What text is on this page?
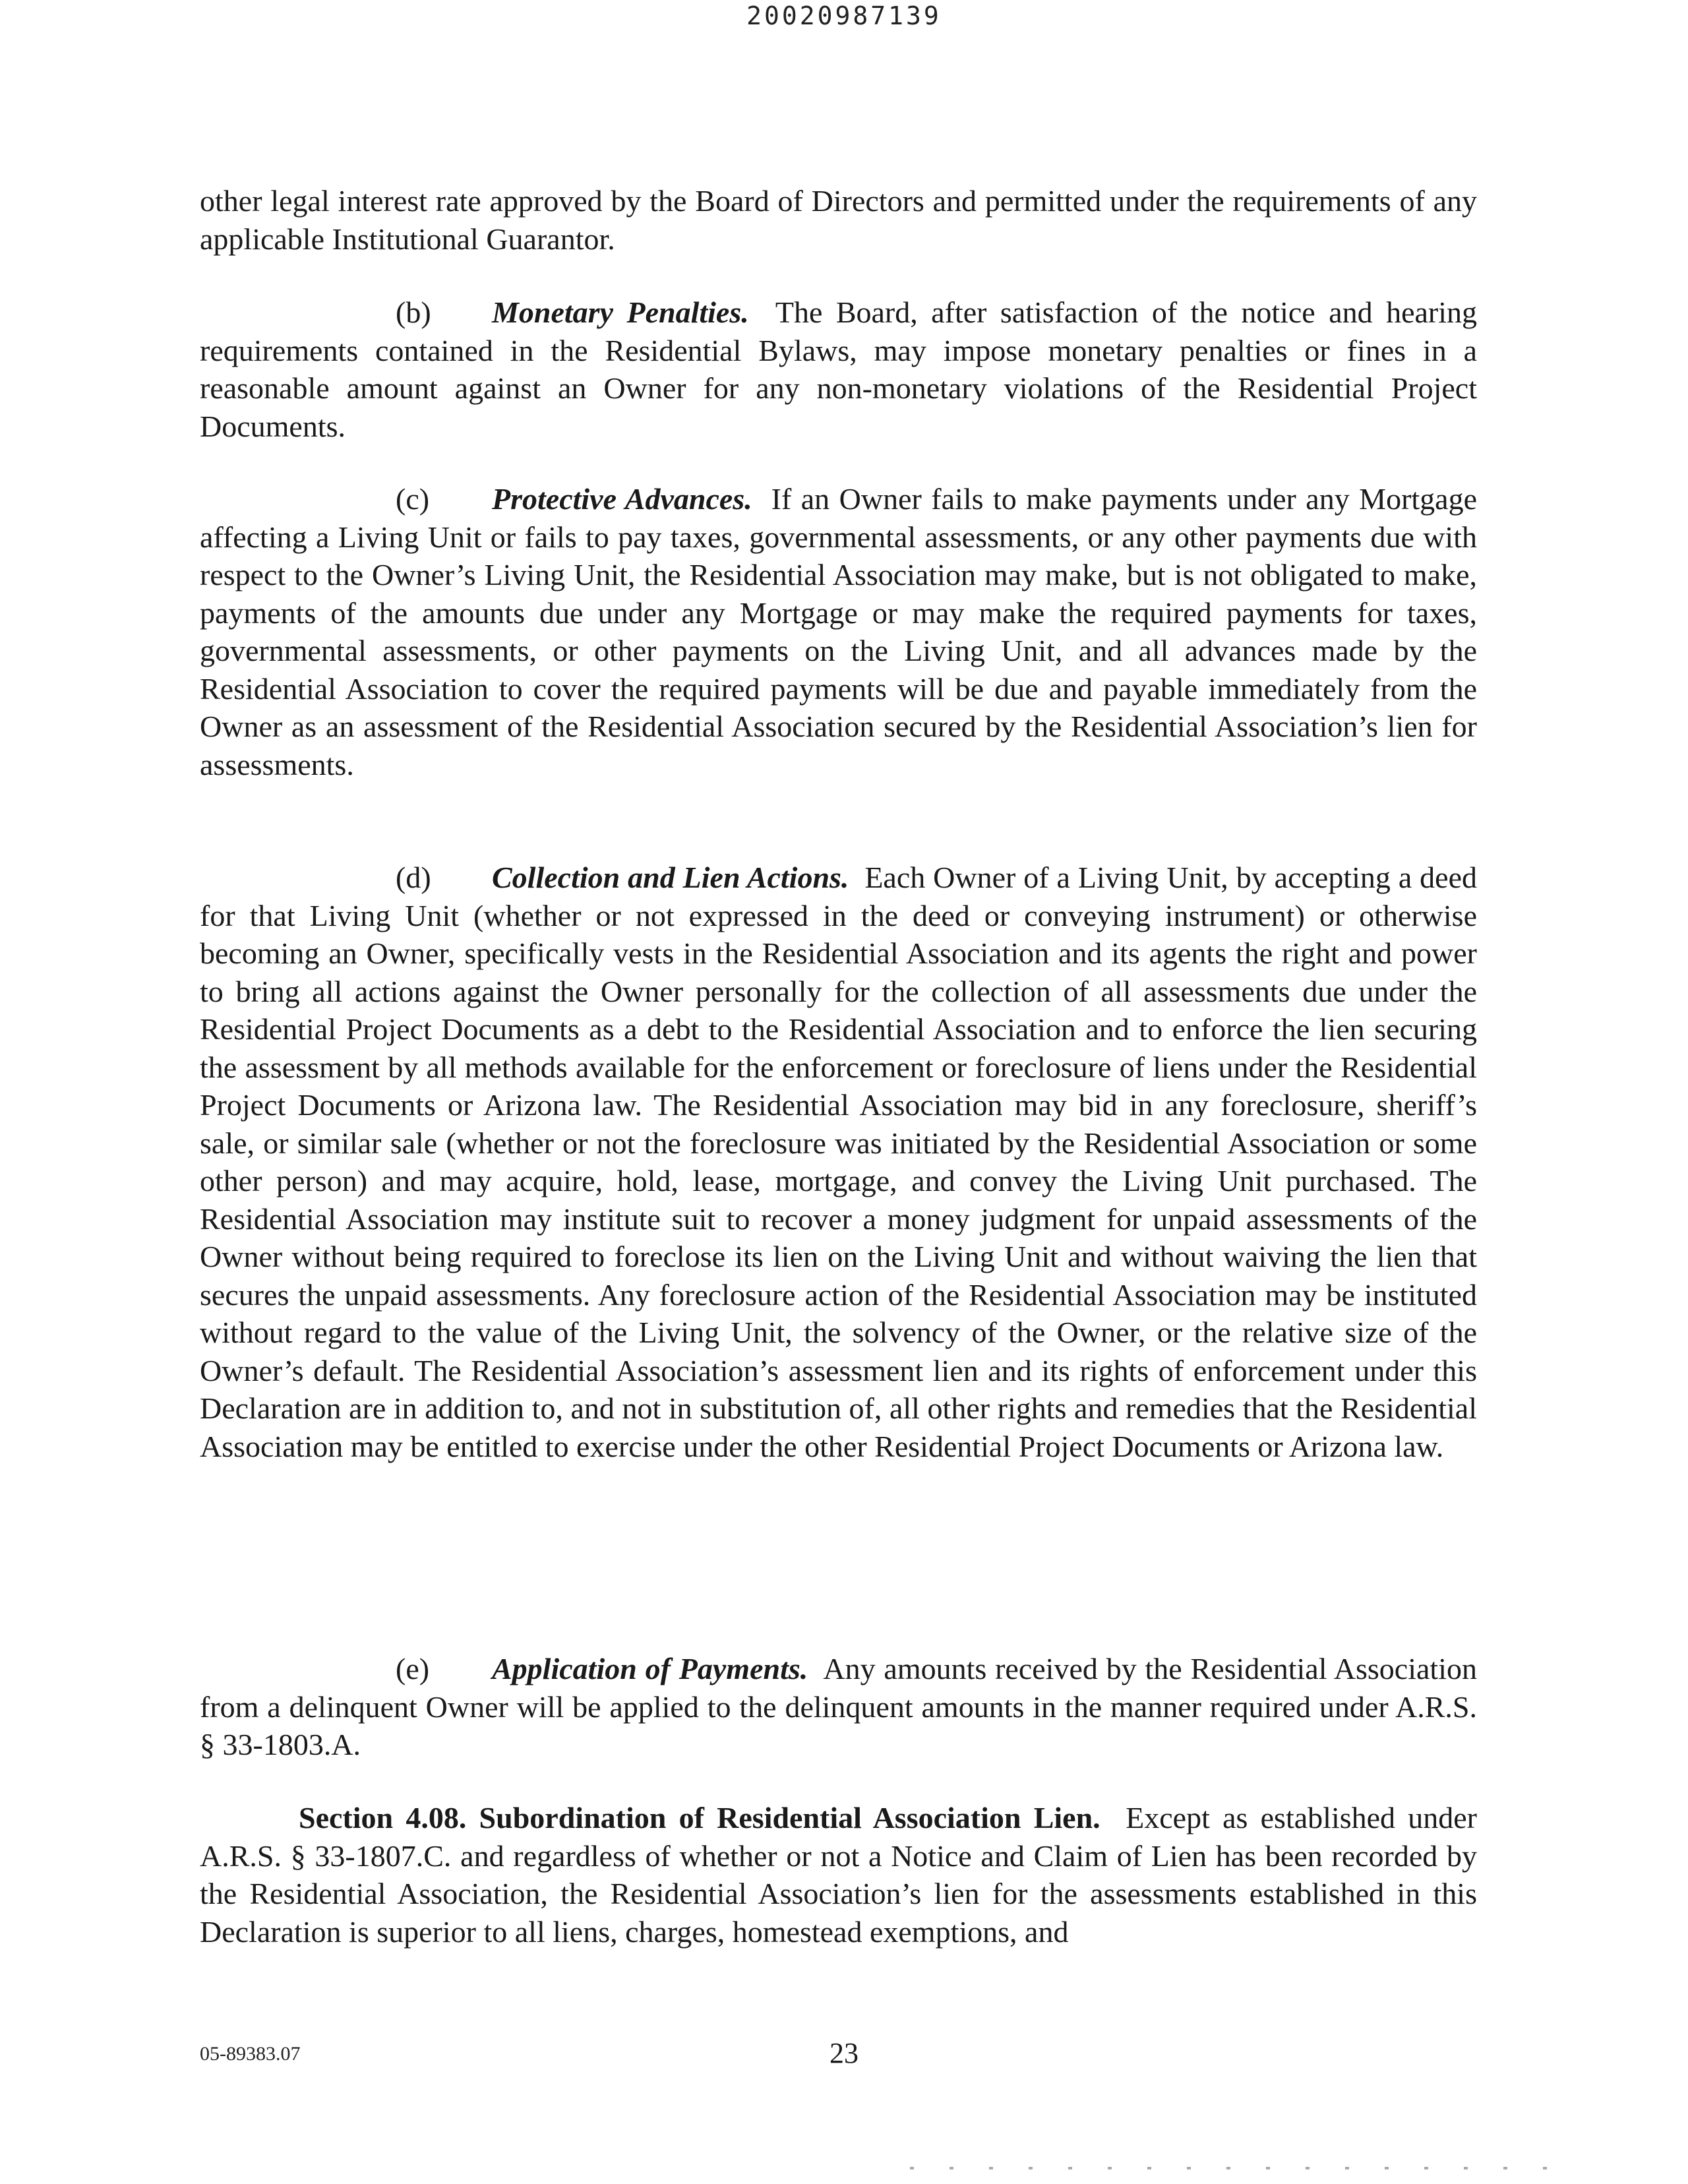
20020987139

other legal interest rate approved by the Board of Directors and permitted under the requirements of any applicable Institutional Guarantor.

(b) Monetary Penalties. The Board, after satisfaction of the notice and hearing requirements contained in the Residential Bylaws, may impose monetary penalties or fines in a reasonable amount against an Owner for any non-monetary violations of the Residential Project Documents.

(c) Protective Advances. If an Owner fails to make payments under any Mortgage affecting a Living Unit or fails to pay taxes, governmental assessments, or any other payments due with respect to the Owner’s Living Unit, the Residential Association may make, but is not obligated to make, payments of the amounts due under any Mortgage or may make the required payments for taxes, governmental assessments, or other payments on the Living Unit, and all advances made by the Residential Association to cover the required payments will be due and payable immediately from the Owner as an assessment of the Residential Association secured by the Residential Association’s lien for assessments.

(d) Collection and Lien Actions. Each Owner of a Living Unit, by accepting a deed for that Living Unit (whether or not expressed in the deed or conveying instrument) or otherwise becoming an Owner, specifically vests in the Residential Association and its agents the right and power to bring all actions against the Owner personally for the collection of all assessments due under the Residential Project Documents as a debt to the Residential Association and to enforce the lien securing the assessment by all methods available for the enforcement or foreclosure of liens under the Residential Project Documents or Arizona law. The Residential Association may bid in any foreclosure, sheriff’s sale, or similar sale (whether or not the foreclosure was initiated by the Residential Association or some other person) and may acquire, hold, lease, mortgage, and convey the Living Unit purchased. The Residential Association may institute suit to recover a money judgment for unpaid assessments of the Owner without being required to foreclose its lien on the Living Unit and without waiving the lien that secures the unpaid assessments. Any foreclosure action of the Residential Association may be instituted without regard to the value of the Living Unit, the solvency of the Owner, or the relative size of the Owner’s default. The Residential Association’s assessment lien and its rights of enforcement under this Declaration are in addition to, and not in substitution of, all other rights and remedies that the Residential Association may be entitled to exercise under the other Residential Project Documents or Arizona law.

(e) Application of Payments. Any amounts received by the Residential Association from a delinquent Owner will be applied to the delinquent amounts in the manner required under A.R.S. § 33-1803.A.

Section 4.08. Subordination of Residential Association Lien. Except as established under A.R.S. § 33-1807.C. and regardless of whether or not a Notice and Claim of Lien has been recorded by the Residential Association, the Residential Association’s lien for the assessments established in this Declaration is superior to all liens, charges, homestead exemptions, and

05-89383.07	23
